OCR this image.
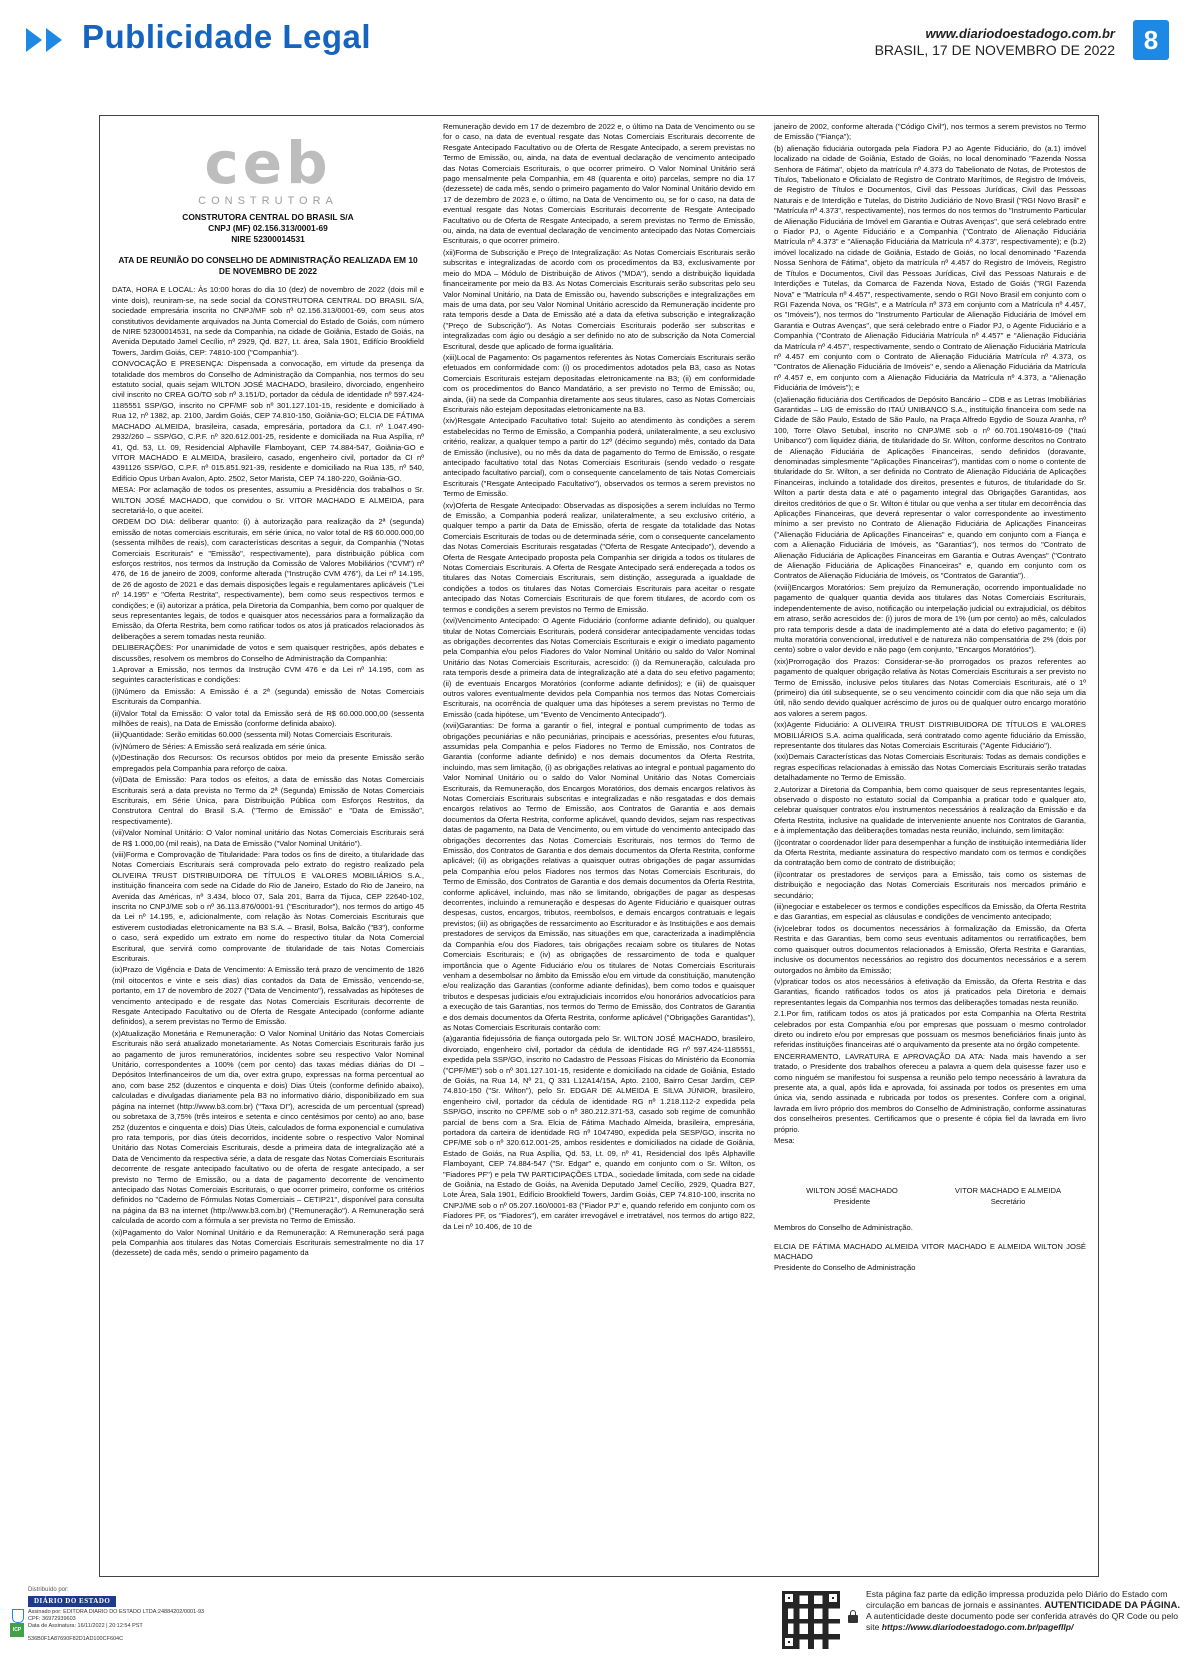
Publicidade Legal	www.diariodoestadogo.com.br
BRASIL, 17 DE NOVEMBRO DE 2022	8
ceb
CONSTRUTORA
CONSTRUTORA CENTRAL DO BRASIL S/A
CNPJ (MF) 02.156.313/0001-69
NIRE 52300014531
ATA DE REUNIÃO DO CONSELHO DE ADMINISTRAÇÃO REALIZADA EM 10 DE NOVEMBRO DE 2022

DATA, HORA E LOCAL: Às 10:00 horas do dia 10 (dez) de novembro de 2022 (dois mil e vinte dois), reuniram-se, na sede social da CONSTRUTORA CENTRAL DO BRASIL S/A, sociedade empresária inscrita no CNPJ/MF sob nº 02.156.313/0001-69, com seus atos constitutivos devidamente arquivados na Junta Comercial do Estado de Goiás, com número de NIRE 52300014531, na sede da Companhia, na cidade de Goiânia, Estado de Goiás, na Avenida Deputado Jamel Cecílio, nº 2929, Qd. B27, Lt. área, Sala 1901, Edifício Brookfield Towers, Jardim Goiás, CEP: 74810-100 ("Companhia").

CONVOCAÇÃO E PRESENÇA: Dispensada a convocação, em virtude da presença da totalidade dos membros do Conselho de Administração da Companhia, nos termos do seu estatuto social, quais sejam WILTON JOSÉ MACHADO, brasileiro, divorciado, engenheiro civil inscrito no CREA GO/TO sob nº 3.151/D, portador da cédula de identidade nº 597.424-1185551 SSP/GO, inscrito no CPF/MF sob nº 301.127.101-15, residente e domiciliado à Rua 12, nº 1382, ap. 2100, Jardim Goiás, CEP 74.810-150, Goiânia-GO; ELCIA DE FÁTIMA MACHADO ALMEIDA, brasileira, casada, empresária, portadora da C.I. nº 1.047.490-2932/260 – SSP/GO, C.P.F. nº 320.612.001-25, residente e domiciliada na Rua Aspília, nº 41, Qd. 53, Lt. 09, Residencial Alphaville Flamboyant, CEP 74.884-547, Goiânia-GO e VITOR MACHADO E ALMEIDA, brasileiro, casado, engenheiro civil, portador da CI nº 4391126 SSP/GO, C.P.F. nº 015.851.921-39, residente e domiciliado na Rua 135, nº 540, Edifício Opus Urban Avalon, Apto. 2502, Setor Marista, CEP 74.180-220, Goiânia-GO.

MESA: Por aclamação de todos os presentes, assumiu a Presidência dos trabalhos o Sr. WILTON JOSÉ MACHADO, que convidou o Sr. VITOR MACHADO E ALMEIDA, para secretariá-lo, o que aceitei.

ORDEM DO DIA: deliberar quanto: (i) à autorização para realização da 2ª (segunda) emissão de notas comerciais escriturais, em série única, no valor total de R$ 60.000.000,00 (sessenta milhões de reais), com características descritas a seguir, da Companhia ("Notas Comerciais Escriturais" e "Emissão", respectivamente), para distribuição pública com esforços restritos, nos termos da Instrução da Comissão de Valores Mobiliários ("CVM") nº 476, de 16 de janeiro de 2009, conforme alterada ("Instrução CVM 476"), da Lei nº 14.195, de 26 de agosto de 2021 e das demais disposições legais e regulamentares aplicáveis ("Lei nº 14.195" e "Oferta Restrita", respectivamente), bem como seus respectivos termos e condições; e (ii) autorizar a prática, pela Diretoria da Companhia, bem como por qualquer de seus representantes legais, de todos e quaisquer atos necessários para a formalização da Emissão, da Oferta Restrita, bem como ratificar todos os atos já praticados relacionados às deliberações a serem tomadas nesta reunião.

DELIBERAÇÕES: Por unanimidade de votos e sem quaisquer restrições, após debates e discussões, resolvem os membros do Conselho de Administração da Companhia:

1.Aprovar a Emissão, nos termos da Instrução CVM 476 e da Lei nº 14.195, com as seguintes características e condições:

(i)Número da Emissão: A Emissão é a 2ª (segunda) emissão de Notas Comerciais Escriturais da Companhia.

(ii)Valor Total da Emissão: O valor total da Emissão será de R$ 60.000.000,00 (sessenta milhões de reais), na Data de Emissão (conforme definida abaixo).

(iii)Quantidade: Serão emitidas 60.000 (sessenta mil) Notas Comerciais Escriturais.

(iv)Número de Séries: A Emissão será realizada em série única.

(v)Destinação dos Recursos: Os recursos obtidos por meio da presente Emissão serão empregados pela Companhia para reforço de caixa.

(vi)Data de Emissão: Para todos os efeitos, a data de emissão das Notas Comerciais Escriturais será a data prevista no Termo da 2ª (Segunda) Emissão de Notas Comerciais Escriturais, em Série Única, para Distribuição Pública com Esforços Restritos, da Construtora Central do Brasil S.A. ("Termo de Emissão" e "Data de Emissão", respectivamente).

(vii)Valor Nominal Unitário: O Valor nominal unitário das Notas Comerciais Escriturais será de R$ 1.000,00 (mil reais), na Data de Emissão ("Valor Nominal Unitário").

(viii)Forma e Comprovação de Titularidade: Para todos os fins de direito, a titularidade das Notas Comerciais Escriturais será comprovada pelo extrato do registro realizado pela OLIVEIRA TRUST DISTRIBUIDORA DE TÍTULOS E VALORES MOBILIÁRIOS S.A., instituição financeira com sede na Cidade do Rio de Janeiro, Estado do Rio de Janeiro, na Avenida das Américas, nº 3.434, bloco 07, Sala 201, Barra da Tijuca, CEP 22640-102, inscrita no CNPJ/ME sob o nº 36.113.876/0001-91 ("Escriturador"), nos termos do artigo 45 da Lei nº 14.195, e, adicionalmente, com relação às Notas Comerciais Escriturais que estiverem custodiadas eletronicamente na B3 S.A. – Brasil, Bolsa, Balcão ("B3"), conforme o caso, será expedido um extrato em nome do respectivo titular da Nota Comercial Escritural, que servirá como comprovante de titularidade de tais Notas Comerciais Escriturais.

(ix)Prazo de Vigência e Data de Vencimento: A Emissão terá prazo de vencimento de 1826 (mil oitocentos e vinte e seis dias) dias contados da Data de Emissão, vencendo-se, portanto, em 17 de novembro de 2027 ("Data de Vencimento"), ressalvadas as hipóteses de vencimento antecipado e de resgate das Notas Comerciais Escriturais decorrente de Resgate Antecipado Facultativo ou de Oferta de Resgate Antecipado (conforme adiante definidos), a serem previstas no Termo de Emissão.

(x)Atualização Monetária e Remuneração: O Valor Nominal Unitário das Notas Comerciais Escriturais não será atualizado monetariamente. As Notas Comerciais Escriturais farão jus ao pagamento de juros remuneratórios, incidentes sobre seu respectivo Valor Nominal Unitário, correspondentes a 100% (cem por cento) das taxas médias diárias do DI – Depósitos Interfinanceiros de um dia, over extra grupo, expressas na forma percentual ao ano, com base 252 (duzentos e cinquenta e dois) Dias Úteis (conforme definido abaixo), calculadas e divulgadas diariamente pela B3 no informativo diário, disponibilizado em sua página na internet (http://www.b3.com.br) ("Taxa DI"), acrescida de um percentual (spread) ou sobretaxa de 3,75% (três inteiros e setenta e cinco centésimos por cento) ao ano, base 252 (duzentos e cinquenta e dois) Dias Úteis, calculados de forma exponencial e cumulativa pro rata temporis, por dias úteis decorridos, incidente sobre o respectivo Valor Nominal Unitário das Notas Comerciais Escriturais, desde a primeira data de integralização até a Data de Vencimento da respectiva série, a data de resgate das Notas Comerciais Escriturais decorrente de resgate antecipado facultativo ou de oferta de resgate antecipado, a ser previsto no Termo de Emissão, ou a data de pagamento decorrente de vencimento antecipado das Notas Comerciais Escriturais, o que ocorrer primeiro, conforme os critérios definidos no "Caderno de Fórmulas Notas Comerciais – CETIP21", disponível para consulta na página da B3 na internet (http://www.b3.com.br) ("Remuneração"). A Remuneração será calculada de acordo com a fórmula a ser prevista no Termo de Emissão.

(xi)Pagamento do Valor Nominal Unitário e da Remuneração: A Remuneração será paga pela Companhia aos titulares das Notas Comerciais Escriturais semestralmente no dia 17 (dezessete) de cada mês, sendo o primeiro pagamento da

Remuneração devido em 17 de dezembro de 2022 e, o último na Data de Vencimento ou se for o caso, na data de eventual resgate das Notas Comerciais Escriturais decorrente de Resgate Antecipado Facultativo ou de Oferta de Resgate Antecipado, a serem previstas no Termo de Emissão, ou, ainda, na data de eventual declaração de vencimento antecipado das Notas Comerciais Escriturais, o que ocorrer primeiro. O Valor Nominal Unitário será pago mensalmente pela Companhia, em 48 (quarenta e oito) parcelas, sempre no dia 17 (dezessete) de cada mês, sendo o primeiro pagamento do Valor Nominal Unitário devido em 17 de dezembro de 2023 e, o último, na Data de Vencimento ou, se for o caso, na data de eventual resgate das Notas Comerciais Escriturais decorrente de Resgate Antecipado Facultativo ou de Oferta de Resgate Antecipado, a serem previstas no Termo de Emissão, ou, ainda, na data de eventual declaração de vencimento antecipado das Notas Comerciais Escriturais, o que ocorrer primeiro.

(xii)Forma de Subscrição e Preço de Integralização: As Notas Comerciais Escriturais serão subscritas e integralizadas de acordo com os procedimentos da B3, exclusivamente por meio do MDA – Módulo de Distribuição de Ativos ("MDA"), sendo a distribuição liquidada financeiramente por meio da B3. As Notas Comerciais Escriturais serão subscritas pelo seu Valor Nominal Unitário, na Data de Emissão ou, havendo subscrições e integralizações em mais de uma data, por seu Valor Nominal Unitário acrescido da Remuneração incidente pro rata temporis desde a Data de Emissão até a data da efetiva subscrição e integralização ("Preço de Subscrição"). As Notas Comerciais Escriturais poderão ser subscritas e integralizadas com ágio ou deságio a ser definido no ato de subscrição da Nota Comercial Escritural, desde que aplicado de forma igualitária.

(xiii)Local de Pagamento: Os pagamentos referentes às Notas Comerciais Escriturais serão efetuados em conformidade com: (i) os procedimentos adotados pela B3, caso as Notas Comerciais Escriturais estejam depositadas eletronicamente na B3; (ii) em conformidade com os procedimentos do Banco Mandatário, a ser previsto no Termo de Emissão; ou, ainda, (iii) na sede da Companhia diretamente aos seus titulares, caso as Notas Comerciais Escriturais não estejam depositadas eletronicamente na B3.

(xiv)Resgate Antecipado Facultativo total: Sujeito ao atendimento às condições a serem estabelecidas no Termo de Emissão, a Companhia poderá, unilateralmente, a seu exclusivo critério, realizar, a qualquer tempo a partir do 12º (décimo segundo) mês, contado da Data de Emissão (inclusive), ou no mês da data de pagamento do Termo de Emissão, o resgate antecipado facultativo total das Notas Comerciais Escriturais (sendo vedado o resgate antecipado facultativo parcial), com o consequente cancelamento de tais Notas Comerciais Escriturais ("Resgate Antecipado Facultativo"), observados os termos a serem previstos no Termo de Emissão.

(xv)Oferta de Resgate Antecipado: Observadas as disposições a serem incluídas no Termo de Emissão, a Companhia poderá realizar, unilateralmente, a seu exclusivo critério, a qualquer tempo a partir da Data de Emissão, oferta de resgate da totalidade das Notas Comerciais Escriturais de todas ou de determinada série, com o consequente cancelamento das Notas Comerciais Escriturais resgatadas ("Oferta de Resgate Antecipado"), devendo a Oferta de Resgate Antecipado proposta pela Companhia ser dirigida a todos os titulares de Notas Comerciais Escriturais. A Oferta de Resgate Antecipado será endereçada a todos os titulares das Notas Comerciais Escriturais, sem distinção, assegurada a igualdade de condições a todos os titulares das Notas Comerciais Escriturais para aceitar o resgate antecipado das Notas Comerciais Escriturais de que forem titulares, de acordo com os termos e condições a serem previstos no Termo de Emissão.

(xvi)Vencimento Antecipado: O Agente Fiduciário (conforme adiante definido), ou qualquer titular de Notas Comerciais Escriturais, poderá considerar antecipadamente vencidas todas as obrigações decorrentes das Notas Comerciais Escriturais e exigir o imediato pagamento pela Companhia e/ou pelos Fiadores do Valor Nominal Unitário ou saldo do Valor Nominal Unitário das Notas Comerciais Escriturais, acrescido: (i) da Remuneração, calculada pro rata temporis desde a primeira data de integralização até a data do seu efetivo pagamento; (ii) de eventuais Encargos Moratórios (conforme adiante definidos); e (iii) de quaisquer outros valores eventualmente devidos pela Companhia nos termos das Notas Comerciais Escriturais, na ocorrência de qualquer uma das hipóteses a serem previstas no Termo de Emissão (cada hipótese, um "Evento de Vencimento Antecipado").

(xvii)Garantias: De forma a garantir o fiel, integral e pontual cumprimento de todas as obrigações pecuniárias e não pecuniárias, principais e acessórias, presentes e/ou futuras, assumidas pela Companhia e pelos Fiadores no Termo de Emissão, nos Contratos de Garantia (conforme adiante definido) e nos demais documentos da Oferta Restrita, incluindo, mas sem limitação, (i) as obrigações relativas ao integral e pontual pagamento do Valor Nominal Unitário ou o saldo do Valor Nominal Unitário das Notas Comerciais Escriturais, da Remuneração, dos Encargos Moratórios, dos demais encargos relativos às Notas Comerciais Escriturais subscritas e integralizadas e não resgatadas e dos demais encargos relativos ao Termo de Emissão, aos Contratos de Garantia e aos demais documentos da Oferta Restrita, conforme aplicável, quando devidos, sejam nas respectivas datas de pagamento, na Data de Vencimento, ou em virtude do vencimento antecipado das obrigações decorrentes das Notas Comerciais Escriturais, nos termos do Termo de Emissão, dos Contratos de Garantia e dos demais documentos da Oferta Restrita, conforme aplicável; (ii) as obrigações relativas a quaisquer outras obrigações de pagar assumidas pela Companhia e/ou pelos Fiadores nos termos das Notas Comerciais Escriturais, do Termo de Emissão, dos Contratos de Garantia e dos demais documentos da Oferta Restrita, conforme aplicável, incluindo, mas não se limitando, obrigações de pagar as despesas decorrentes, incluindo a remuneração e despesas do Agente Fiduciário e quaisquer outras despesas, custos, encargos, tributos, reembolsos, e demais encargos contratuais e legais previstos; (iii) as obrigações de ressarcimento ao Escriturador e às Instituições e aos demais prestadores de serviços da Emissão, nas situações em que, caracterizada a inadimplência da Companhia e/ou dos Fiadores, tais obrigações recaiam sobre os titulares de Notas Comerciais Escriturais; e (iv) as obrigações de ressarcimento de toda e qualquer importância que o Agente Fiduciário e/ou os titulares de Notas Comerciais Escriturais venham a desembolsar no âmbito da Emissão e/ou em virtude da constituição, manutenção e/ou realização das Garantias (conforme adiante definidas), bem como todos e quaisquer tributos e despesas judiciais e/ou extrajudiciais incorridos e/ou honorários advocatícios para a execução de tais Garantias, nos termos do Termo de Emissão, dos Contratos de Garantia e dos demais documentos da Oferta Restrita, conforme aplicável ("Obrigações Garantidas"), as Notas Comerciais Escriturais contarão com:

(a)garantia fidejussória de fiança outorgada pelo Sr. WILTON JOSÉ MACHADO, brasileiro, divorciado, engenheiro civil, portador da cédula de identidade RG nº 597.424-1185551, expedida pela SSP/GO, inscrito no Cadastro de Pessoas Físicas do Ministério da Economia ("CPF/ME") sob o nº 301.127.101-15, residente e domiciliado na cidade de Goiânia, Estado de Goiás, na Rua 14, Nº 21, Q 331 L12A14/15A, Apto. 2100, Bairro Cesar Jardim, CEP 74.810-150 ("Sr. Wilton"), pelo Sr. EDGAR DE ALMEIDA E SILVA JÚNIOR, brasileiro, engenheiro civil, portador da cédula de identidade RG nº 1.218.112-2 expedida pela SSP/GO, inscrito no CPF/ME sob o nº 380.212.371-53, casado sob regime de comunhão parcial de bens com a Sra. Elcia de Fátima Machado Almeida, brasileira, empresária, portadora da carteira de identidade RG nº 1047490, expedida pela SESP/GO, inscrita no CPF/ME sob o nº 320.612.001-25, ambos residentes e domiciliados na cidade de Goiânia, Estado de Goiás, na Rua Aspília, Qd. 53, Lt. 09, nº 41, Residencial dos Ipês Alphaville Flamboyant, CEP 74.884-547 ("Sr. Edgar" e, quando em conjunto com o Sr. Wilton, os "Fiadores PF") e pela TW PARTICIPAÇÕES LTDA., sociedade limitada, com sede na cidade de Goiânia, na Estado de Goiás, na Avenida Deputado Jamel Cecílio, 2929, Quadra B27, Lote Área, Sala 1901, Edifício Brookfield Towers, Jardim Goiás, CEP 74.810-100, inscrita no CNPJ/ME sob o nº 05.207.160/0001-83 ("Fiador PJ" e, quando referido em conjunto com os Fiadores PF, os "Fiadores"), em caráter irrevogável e irretratável, nos termos do artigo 822, da Lei nº 10.406, de 10 de

janeiro de 2002, conforme alterada ("Código Civil"), nos termos a serem previstos no Termo de Emissão ("Fiança");

(b) alienação fiduciária outorgada pela Fiadora PJ ao Agente Fiduciário, do (a.1) imóvel localizado na cidade de Goiânia, Estado de Goiás, no local denominado "Fazenda Nossa Senhora de Fátima", objeto da matrícula nº 4.373 do Tabelionato de Notas, de Protestos de Títulos, Tabelionato e Oficialato de Registro de Contrato Marítimos, de Registro de Imóveis, de Registro de Títulos e Documentos, Civil das Pessoas Jurídicas, Civil das Pessoas Naturais e de Interdição e Tutelas, do Distrito Judiciário de Novo Brasil ("RGI Novo Brasil" e "Matrícula nº 4.373", respectivamente), nos termos do nos termos do "Instrumento Particular de Alienação Fiduciária de Imóvel em Garantia e Outras Avenças", que será celebrado entre o Fiador PJ, o Agente Fiduciário e a Companhia ("Contrato de Alienação Fiduciária Matrícula nº 4.373" e "Alienação Fiduciária da Matrícula nº 4.373", respectivamente); e (b.2) imóvel localizado na cidade de Goiânia, Estado de Goiás, no local denominado "Fazenda Nossa Senhora de Fátima", objeto da matrícula nº 4.457 do Registro de Imóveis, Registro de Títulos e Documentos, Civil das Pessoas Jurídicas, Civil das Pessoas Naturais e de Interdições e Tutelas, da Comarca de Fazenda Nova, Estado de Goiás ("RGI Fazenda Nova" e "Matrícula nº 4.457", respectivamente, sendo o RGI Novo Brasil em conjunto com o RGI Fazenda Nova, os "RGIs", e a Matrícula nº 373 em conjunto com a Matrícula nº 4.457, os "Imóveis"), nos termos do "Instrumento Particular de Alienação Fiduciária de Imóvel em Garantia e Outras Avenças", que será celebrado entre o Fiador PJ, o Agente Fiduciário e a Companhia ("Contrato de Alienação Fiduciária Matrícula nº 4.457" e "Alienação Fiduciária da Matrícula nº 4.457", respectivamente, sendo o Contrato de Alienação Fiduciária Matrícula nº 4.457 em conjunto com o Contrato de Alienação Fiduciária Matrícula nº 4.373, os "Contratos de Alienação Fiduciária de Imóveis" e, sendo a Alienação Fiduciária da Matrícula nº 4.457 e, em conjunto com a Alienação Fiduciária da Matrícula nº 4.373, a "Alienação Fiduciária de Imóveis"); e

(c)alienação fiduciária dos Certificados de Depósito Bancário – CDB e as Letras Imobiliárias Garantidas – LIG de emissão do ITAÚ UNIBANCO S.A., instituição financeira com sede na Cidade de São Paulo, Estado de São Paulo, na Praça Alfredo Egydio de Souza Aranha, nº 100, Torre Olavo Setubal, inscrito no CNPJ/ME sob o nº 60.701.190/4816-09 ("Itaú Unibanco") com liquidez diária, de titularidade do Sr. Wilton, conforme descritos no Contrato de Alienação Fiduciária de Aplicações Financeiras, sendo definidos (doravante, denominadas simplesmente "Aplicações Financeiras"), mantidas com o nome o contente de titularidade do Sr. Wilton, a ser definida no Contrato de Alienação Fiduciária de Aplicações Financeiras, incluindo a totalidade dos direitos, presentes e futuros, de titularidade do Sr. Wilton a partir desta data e até o pagamento integral das Obrigações Garantidas, aos direitos creditórios de que o Sr. Wilton é titular ou que venha a ser titular em decorrência das Aplicações Financeiras, que deverá representar o valor correspondente ao investimento mínimo a ser previsto no Contrato de Alienação Fiduciária de Aplicações Financeiras ("Alienação Fiduciária de Aplicações Financeiras" e, quando em conjunto com a Fiança e com a Alienação Fiduciária de Imóveis, as "Garantias"), nos termos do "Contrato de Alienação Fiduciária de Aplicações Financeiras em Garantia e Outras Avenças" ("Contrato de Alienação Fiduciária de Aplicações Financeiras" e, quando em conjunto com os Contratos de Alienação Fiduciária de Imóveis, os "Contratos de Garantia").

(xviii)Encargos Moratórios: Sem prejuízo da Remuneração, ocorrendo impontualidade no pagamento de qualquer quantia devida aos titulares das Notas Comerciais Escriturais, independentemente de aviso, notificação ou interpelação judicial ou extrajudicial, os débitos em atraso, serão acrescidos de: (i) juros de mora de 1% (um por cento) ao mês, calculados pro rata temporis desde a data de inadimplemento até a data do efetivo pagamento; e (ii) multa moratória convencional, irredutível e de natureza não compensatória de 2% (dois por cento) sobre o valor devido e não pago (em conjunto, "Encargos Moratórios").

(xix)Prorrogação dos Prazos: Considerar-se-ão prorrogados os prazos referentes ao pagamento de qualquer obrigação relativa às Notas Comerciais Escriturais a ser previsto no Termo de Emissão, inclusive pelos titulares das Notas Comerciais Escriturais, até o 1º (primeiro) dia útil subsequente, se o seu vencimento coincidir com dia que não seja um dia útil, não sendo devido qualquer acréscimo de juros ou de qualquer outro encargo moratório aos valores a serem pagos.

(xx)Agente Fiduciário: A OLIVEIRA TRUST DISTRIBUIDORA DE TÍTULOS E VALORES MOBILIÁRIOS S.A. acima qualificada, será contratado como agente fiduciário da Emissão, representante dos titulares das Notas Comerciais Escriturais ("Agente Fiduciário").

(xxi)Demais Características das Notas Comerciais Escriturais: Todas as demais condições e regras específicas relacionadas à emissão das Notas Comerciais Escriturais serão tratadas detalhadamente no Termo de Emissão.

2.Autorizar a Diretoria da Companhia, bem como quaisquer de seus representantes legais, observado o disposto no estatuto social da Companhia a praticar todo e qualquer ato, celebrar quaisquer contratos e/ou instrumentos necessários à realização da Emissão e da Oferta Restrita, inclusive na qualidade de interveniente anuente nos Contratos de Garantia, e à implementação das deliberações tomadas nesta reunião, incluindo, sem limitação:

(i)contratar o coordenador líder para desempenhar a função de instituição intermediária líder da Oferta Restrita, mediante assinatura do respectivo mandato com os termos e condições da contratação bem como de contrato de distribuição;

(ii)contratar os prestadores de serviços para a Emissão, tais como os sistemas de distribuição e negociação das Notas Comerciais Escriturais nos mercados primário e secundário;

(iii)negociar e estabelecer os termos e condições específicos da Emissão, da Oferta Restrita e das Garantias, em especial as cláusulas e condições de vencimento antecipado;

(iv)celebrar todos os documentos necessários à formalização da Emissão, da Oferta Restrita e das Garantias, bem como seus eventuais aditamentos ou rerratificações, bem como quaisquer outros documentos relacionados à Emissão, Oferta Restrita e Garantias, inclusive os documentos necessários ao registro dos documentos necessários e a serem outorgados no âmbito da Emissão;

(v)praticar todos os atos necessários à efetivação da Emissão, da Oferta Restrita e das Garantias, ficando ratificados todos os atos já praticados pela Diretoria e demais representantes legais da Companhia nos termos das deliberações tomadas nesta reunião.

2.1.Por fim, ratificam todos os atos já praticados por esta Companhia na Oferta Restrita celebrados por esta Companhia e/ou por empresas que possuam o mesmo controlador direto ou indireto e/ou por empresas que possuam os mesmos beneficiários finais junto às referidas instituições financeiras até o arquivamento da presente ata no órgão competente.

ENCERRAMENTO, LAVRATURA E APROVAÇÃO DA ATA: Nada mais havendo a ser tratado, o Presidente dos trabalhos ofereceu a palavra a quem dela quisesse fazer uso e como ninguém se manifestou foi suspensa a reunião pelo tempo necessário à lavratura da presente ata, a qual, após lida e aprovada, foi assinada por todos os presentes em uma única via, sendo assinada e rubricada por todos os presentes. Confere com a original, lavrada em livro próprio dos membros do Conselho de Administração, conforme assinaturas dos conselheiros presentes. Certificamos que o presente é cópia fiel da lavrada em livro próprio.

Mesa:

WILTON JOSÉ MACHADO
Presidente
VITOR MACHADO E ALMEIDA
Secretário

Membros do Conselho de Administração.

ELCIA DE FÁTIMA MACHADO ALMEIDA VITOR MACHADO E ALMEIDA WILTON JOSÉ MACHADO

Presidente do Conselho de Administração

ICP Brasil
Distribuído por:
DIÁRIO DO ESTADO
Assinado por: EDITORA DIARIO DO ESTADO LTDA:24884202/0001-93
CPF: 36972939603
Data de Assinatura: 16/11/2022 | 20:12:54 PST
536B0F1A87690F82D1AD100CF604C
Esta página faz parte da edição impressa produzida pelo Diário do Estado com circulação em bancas de jornais e assinantes. AUTENTICIDADE DA PÁGINA. A autenticidade deste documento pode ser conferida através do QR Code ou pelo site https://www.diariodoestadogo.com.br/pagefllp/
